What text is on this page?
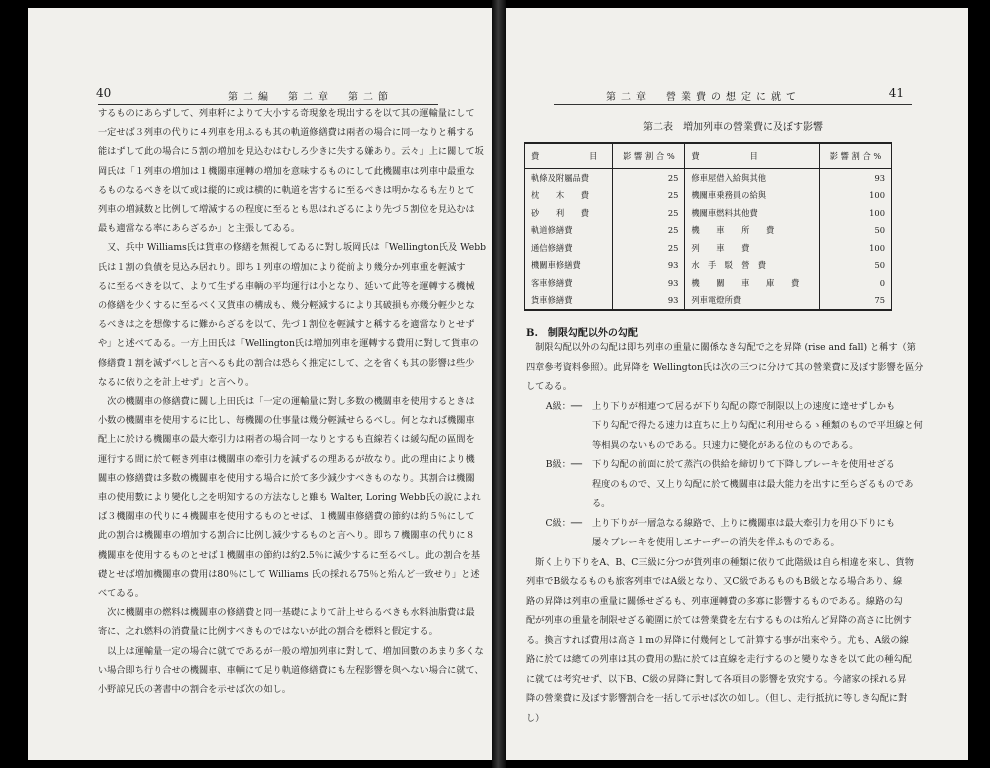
40	第二編　第二章　第二節
するものにあらずして、列車粁によりて大小する奇現象を現出するを以て其の運輸量にして
一定せば３列車の代りに４列車を用ふるも其の軌道修繕費は兩者の場合に同一なりと稱する
能はずして此の場合に５割の増加を見込むはむしろ少きに失する嫌あり。云々」上に關して坂
岡氏は「１列車の増加は１機關車運轉の増加を意味するものにして此機關車は列車中最重な
るものなるべきを以て或は縦的に或は横的に軌道を害するに至るべきは明かなるも左りとて
列車の増減数と比例して増減するの程度に至るとも思はれざるにより先づ５割位を見込むは
最も適當なる率にあらざるか」と主張してゐる。
　又、兵中 Williams氏は貨車の修繕を無視してゐるに對し坂岡氏は「Wellington氏及 Webb
氏は１割の負債を見込み居れり。即ち１列車の増加により從前より幾分か列車重を輕減す
るに至るべきを以て、よりて生ずる車輌の平均運行は小となり、延いて此等を運轉する機械
の修繕を少くするに至るべく又貨車の構成も、幾分輕減するにより其破損も亦幾分輕少とな
るべきは之を想像するに難からざるを以て、先づ１割位を輕減すと稱するを適當なりとせず
や」と述べてゐる。一方上田氏は「Wellington氏は増加列車を運轉する費用に對して貨車の
修繕費１割を減ずべしと言へるも此の割合は恐らく推定にして、之を省くも其の影響は些少
なるに依り之を計上せず」と言へり。
　次の機關車の修繕費に關し上田氏は「一定の運輸量に對し多数の機關車を使用するときは
小数の機關車を使用するに比し、每機關の仕事量は幾分輕減せらるべし。何となれば機關車
配上に於ける機關車の最大牽引力は兩者の場合同一なりとするも直線若くは緩勾配の區間を
運行する間に於て輕き列車は機關車の牽引力を減ずるの理あるが故なり。此の理由により機
關車の修繕費は多数の機關車を使用する場合に於て多少減少すべきものなり。其割合は機關
車の使用數により變化し之を明知するの方法なしと雖も Walter, Loring Webb氏の說によれ
ば３機關車の代りに４機關車を使用するものとせば、１機關車修繕費の節約は約５％にして
此の割合は機關車の増加する割合に比例し減少するものと言へり。即ち７機關車の代りに８
機關車を使用するものとせば１機關車の節約は約2.5％に減少するに至るべし。此の割合を基
礎とせば増加機關車の費用は80％にして Williams 氏の採れる75％と殆んど一致せり」と述
べてゐる。
　次に機關車の燃料は機關車の修繕費と同一基礎によりて計上せらるべきも水料油脂費は最
寄に、之れ燃料の消費量に比例すべきものではないが此の割合を標料と假定する。
　以上は運輸量一定の場合に就てであるが一般の増加列車に對して、増加回數のあまり多くな
い場合即ち行り合せの機關車、車輌にて足り軌道修繕費にも左程影響を與へない場合に就て、
小野諒兄氏の著書中の割合を示せば次の如し。
41
第二章　營業費の想定に就て
第二表　増加列車の營業費に及ぼす影響
費　　　　　　目	影 響 割 合 %	費　　　　　　目	影 響 割 合 %
軌條及附屬品費	25	修車屋借入給與其他	93
枕　　木　　費	25	機關車乗務員の給與	100
砂　　利　　費	25	機關車燃料其他費	100
軌道修繕費	25	機　　車　　所　　費	50
通信修繕費	25	列　　車　　費	100
機關車修繕費	93	水　手　駁　營　費	50
客車修繕費	93	機　　關　　車　　庫　　費	0
貨車修繕費	93	列車電燈所費	75
B.　制限勾配以外の勾配
　制限勾配以外の勾配は即ち列車の重量に關係なき勾配で之を昇降 (rise and fall) と稱す（第
四章參考資料參照）。此昇降を Wellington氏は次の三つに分けて其の營業費に及ぼす影響を區分
してゐる。
A級：──	上り下りが相連つて居るが下り勾配の際で制限以上の速度に達せずしかも
下り勾配で得たる速力は直ちに上り勾配に利用せらるゝ種類のもので平坦線と何
等相異のないものである。只速力に變化がある位のものである。
B級：──	下り勾配の前面に於て蒸汽の供給を締切りて下降しブレーキを使用せざる
程度のもので、又上り勾配に於て機關車は最大能力を出すに至らざるものであ
る。
C級：──	上り下りが一層急なる線路で、上りに機關車は最大牽引力を用ひ下りにも
屡々ブレーキを使用しエナーヂーの消失を伴ふものである。
　斯く上り下りをA、B、C三級に分つが貨列車の種類に依りて此階級は自ら相違を來し、貨物
列車でB級なるものも旅客列車ではA級となり、又C級であるものもB級となる場合あり、線
路の昇降は列車の重量に關係せざるも、列車運轉費の多寡に影響するものである。線路の勾
配が列車の重量を制限せざる範圍に於ては營業費を左右するものは殆んど昇降の高さに比例す
る。換言すれば費用は高さ１mの昇降に付幾何として計算する事が出來やう。尤も、A級の線
路に於ては總ての列車は其の費用の點に於ては直線を走行するのと變りなきを以て此の種勾配
に就ては考究せず、以下B、C級の昇降に對して各項目の影響を攷究する。今諸家の採れる昇
降の營業費に及ぼす影響割合を一括して示せば次の如し。（但し、走行抵抗に等しき勾配に對
し）
